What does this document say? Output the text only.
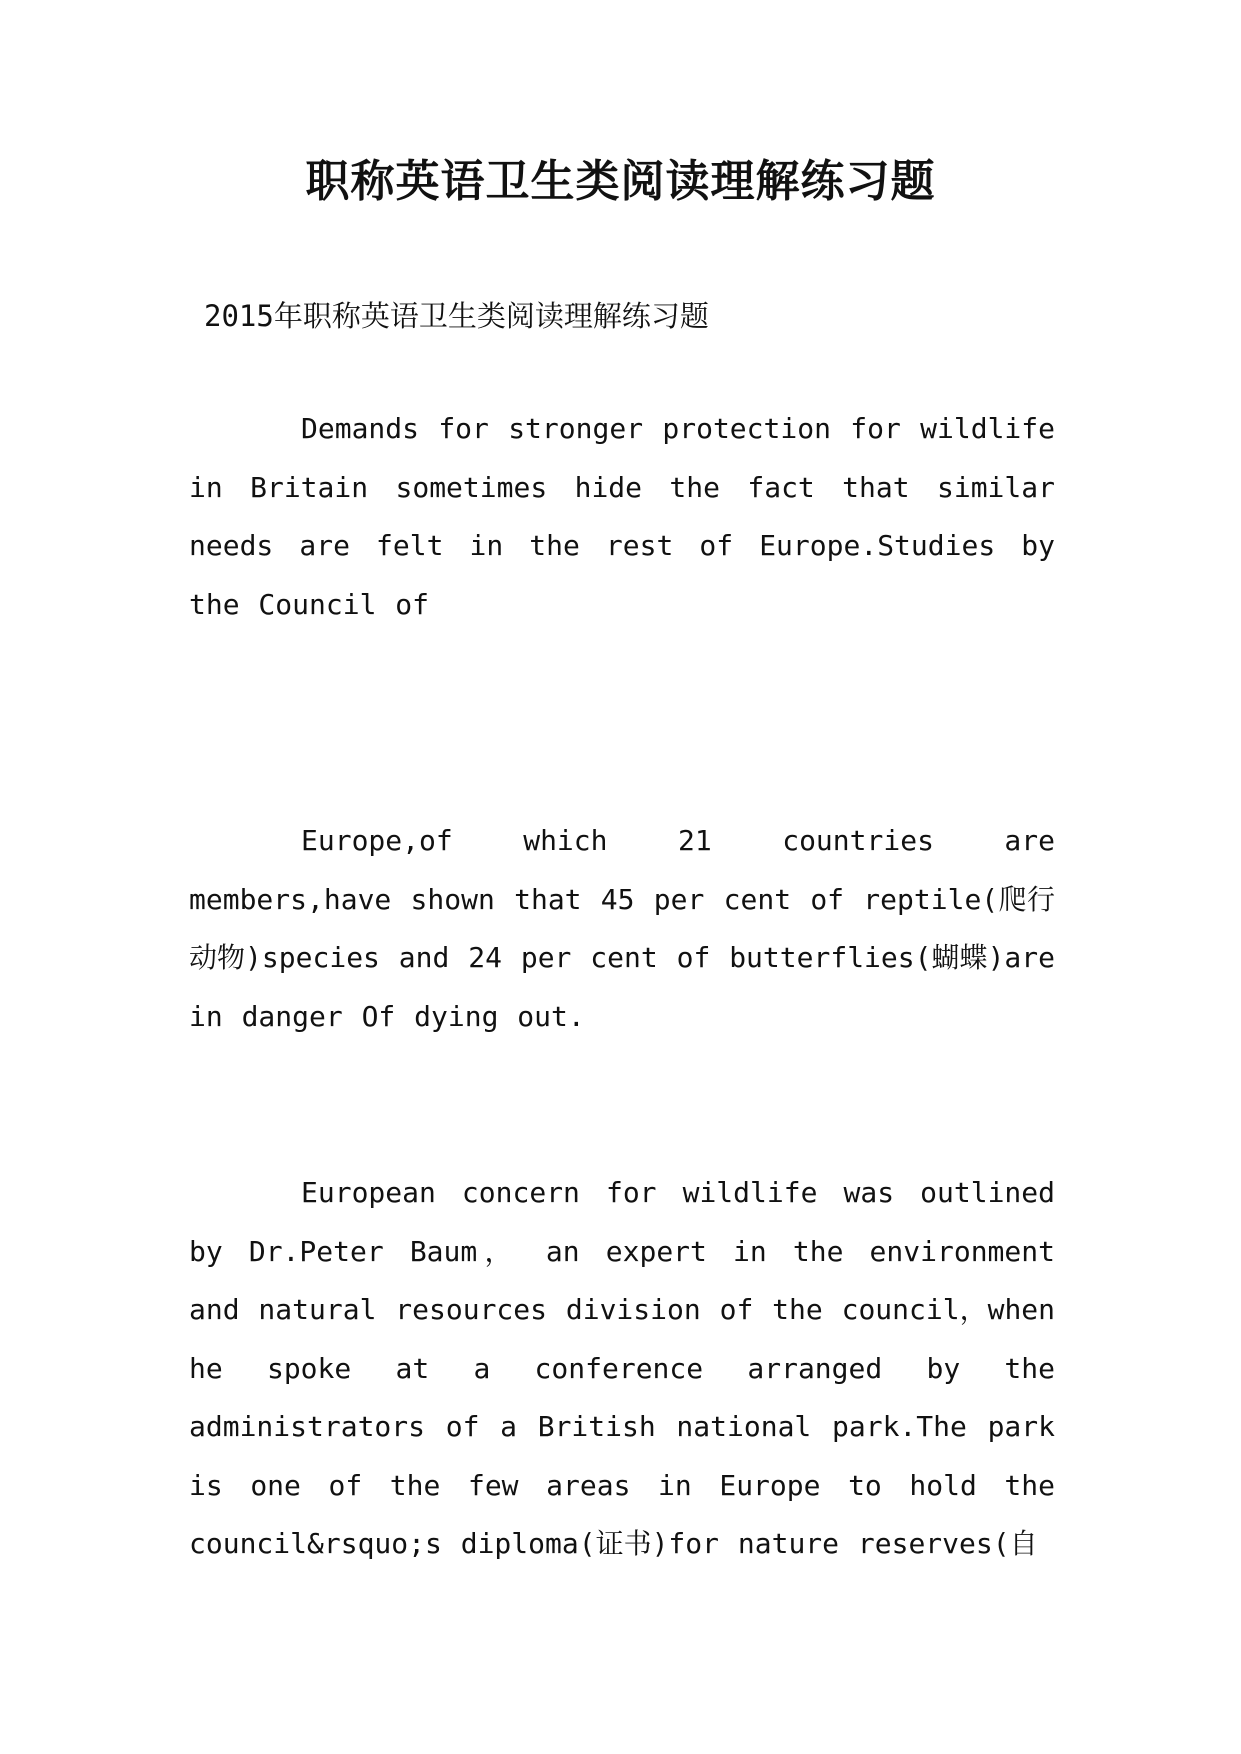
职称英语卫生类阅读理解练习题

2015年职称英语卫生类阅读理解练习题

Demands for stronger protection for wildlife in Britain sometimes hide the fact that similar needs are felt in the rest of Europe.Studies by the Council of

Europe,of which 21 countries are members,have shown that 45 per cent of reptile(爬行动物)species and 24 per cent of butterflies(蝴蝶)are in danger Of dying out.

European concern for wildlife was outlined by Dr.Peter Baum， an expert in the environment and natural resources division of the council，when he spoke at a conference arranged by the administrators of a British national park.The park is one of the few areas in Europe to hold the council&rsquo;s diploma(证书)for nature reserves(自
